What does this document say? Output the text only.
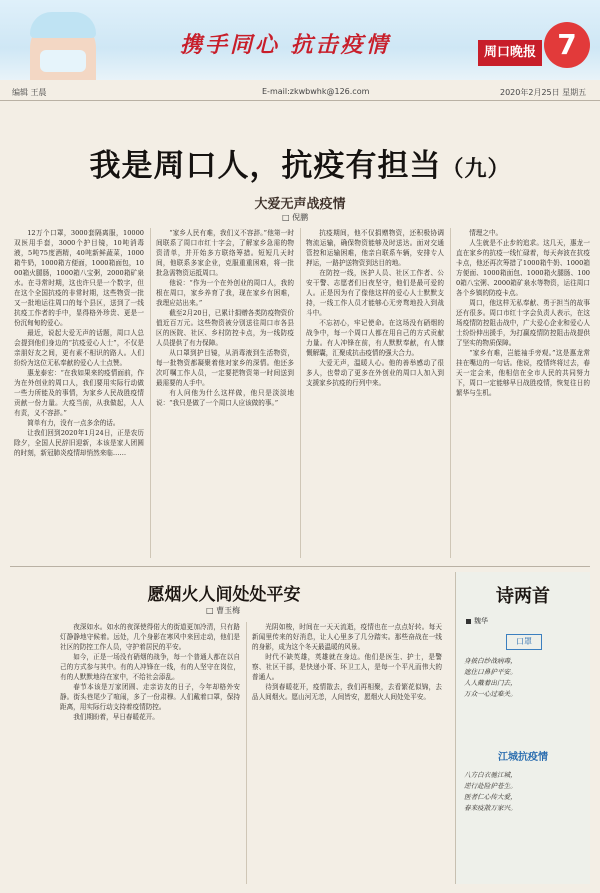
携手同心 抗击疫情	周口晚报 7
编辑 王晨	E-mail:zkwbwhk@126.com	2020年2月25日 星期五
我是周口人，抗疫有担当（九）
大爱无声战疫情
□ 倪鹏

12万个口罩，3000套隔离服，10000双医用手套，3000个护目镜，10吨消毒液，5吨75度酒精，40吨新鲜蔬菜，1000箱牛奶，1000箱方便面，1000箱面包，1000箱火腿肠，1000箱八宝粥，2000箱矿泉水。在寻常时期，这也许只是一个数字，但在这个全国抗疫的非常时期，这些物资一批又一批地运往周口的每个县区，送到了一线抗疫工作者的手中，显得格外珍贵、更是一份沉甸甸的爱心。

最近，说起大爱无声的话题，周口人总会提到他们身边的“抗疫爱心人士”，不仅是亲朋好友之间，更有素不相识的路人。人们纷纷为这位无私奉献的爱心人士点赞。

惠龙泰宏：“在我如果来的疫情面前，作为在外创业的周口人，我们要用实际行动做一些力所能及的事情，为家乡人民战胜疫情贡献一份力量。大疫当前，从我做起，人人有责，义不容辞。”

简单有力，没有一点多余的话。

让我们回到2020年1月24日，正是农历除夕，全国人民辞旧迎新，本该是家人团圆的时刻，新冠肺炎疫情却悄然来临……

“家乡人民有难，我们义不容辞。”他第一时间联系了周口市红十字会，了解家乡急需的物资清单，并开始多方联络筹措。短短几天时间，他联系多家企业，克服重重困难，将一批批急需物资运抵周口。

他说：“作为一个在外创业的周口人，我的根在周口，家乡养育了我，现在家乡有困难，我理应站出来。”

截至2月20日，已累计捐赠各类防疫物资价值近百万元。这些物资被分别送往周口市各县区的医院、社区、乡村防控卡点，为一线防疫人员提供了有力保障。

从口罩到护目镜，从消毒液到生活物资，每一批物资都凝聚着他对家乡的深情。他还多次叮嘱工作人员，一定要把物资第一时间送到最需要的人手中。

有人问他为什么这样做，他只是淡淡地说：“我只是做了一个周口人应该做的事。”

抗疫期间，他不仅捐赠物资，还积极协调物流运输，确保物资能够及时送达。面对交通管控和运输困难，他亲自联系车辆，安排专人押运，一路护送物资到达目的地。

在防控一线，医护人员、社区工作者、公安干警、志愿者们日夜坚守，他们是最可爱的人。正是因为有了像他这样的爱心人士默默支持，一线工作人员才能够心无旁骛地投入到战斗中。

不忘初心，牢记使命。在这场没有硝烟的战争中，每一个周口人都在用自己的方式贡献力量。有人冲锋在前，有人默默奉献，有人慷慨解囊，汇聚成抗击疫情的强大合力。

大爱无声，温暖人心。他的善举感动了很多人，也带动了更多在外创业的周口人加入到支援家乡抗疫的行列中来。

情理之中。

人生就是不止步的追求。这几天，惠龙一直在家乡的抗疫一线忙碌着，每天奔波在抗疫卡点，他还再次筹措了1000箱牛奶、1000箱方便面、1000箱面包、1000箱火腿肠、1000箱八宝粥、2000箱矿泉水等物资，运往周口各个乡镇的防疫卡点。

周口，他这样无私奉献、勇于担当的故事还有很多。周口市红十字会负责人表示，在这场疫情防控阻击战中，广大爱心企业和爱心人士纷纷伸出援手，为打赢疫情防控阻击战提供了坚实的物质保障。

“家乡有难，岂能袖手旁观。”这是惠龙常挂在嘴边的一句话。他说，疫情终将过去，春天一定会来，他相信在全市人民的共同努力下，周口一定能够早日战胜疫情，恢复往日的繁华与生机。

愿烟火人间处处平安
□ 曹玉梅

夜深如水。如水的夜深使得偌大的街道更加冷清，只有路灯静静地守候着。远处，几个身影在寒风中来回走动，他们是社区的防控工作人员，守护着居民的平安。

如今，正是一场没有硝烟的战争，每一个普通人都在以自己的方式参与其中。有的人冲锋在一线，有的人坚守在岗位，有的人默默地待在家中，不给社会添乱。

春节本该是万家团圆、走亲访友的日子，今年却格外安静。街头巷尾少了喧闹，多了一份肃穆。人们戴着口罩，保持距离，用实际行动支持着疫情防控。

我们期盼着，早日春暖花开。

光阴如梭，时间在一天天流逝，疫情也在一点点好转。每天新闻里传来的好消息，让人心里多了几分踏实。那些奋战在一线的身影，成为这个冬天最温暖的风景。

时代不缺英雄，英雄就在身边。他们是医生、护士，是警察、社区干部，是快递小哥、环卫工人，是每一个平凡而伟大的普通人。

待到春暖花开，疫情散去，我们再相聚，去看繁花似锦，去品人间烟火。愿山河无恙，人间皆安，愿烟火人间处处平安。

诗两首
魏华
口罩
身披白纱战病毒，
遮住口鼻护平安。
人人戴着出门去，
万众一心过难关。
江城抗疫情
八方白衣驰江城，
逆行赴险护苍生。
医者仁心传大爱，
春来疫散万家兴。
